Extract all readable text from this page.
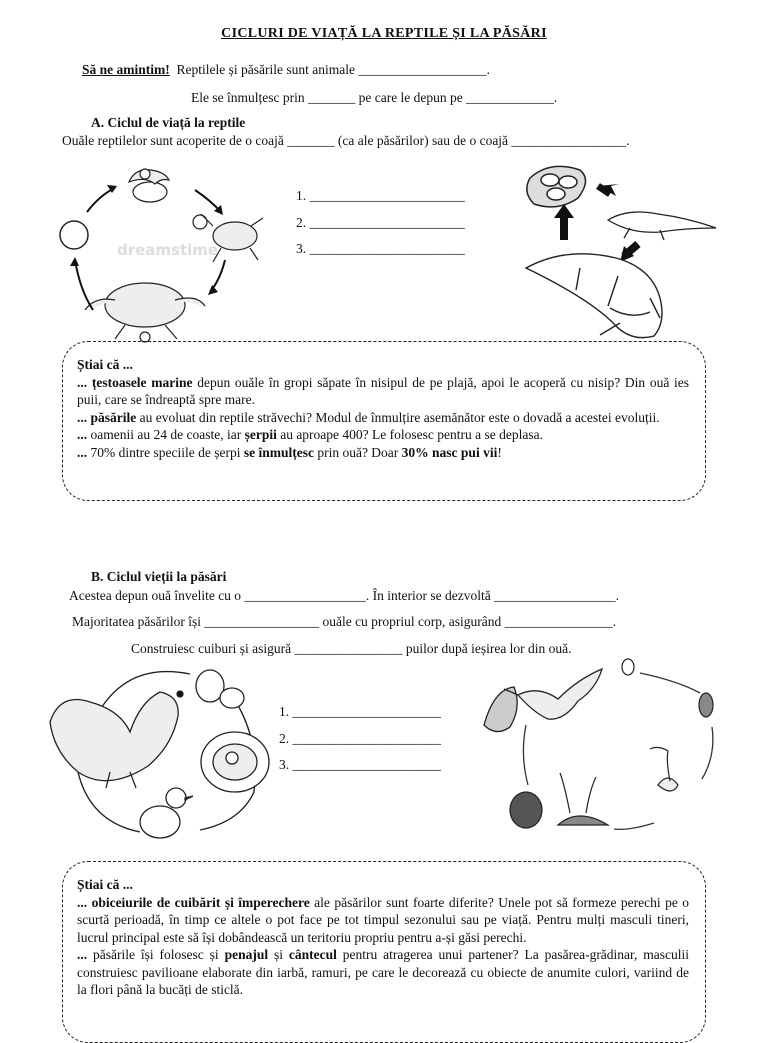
CICLURI DE VIAȚĂ LA REPTILE ȘI LA PĂSĂRI
Să ne amintim! Reptilele și păsările sunt animale ___________________.
Ele se înmulțesc prin _______ pe care le depun pe _____________.
A. Ciclul de viață la reptile
Ouăle reptilelor sunt acoperite de o coajă _______ (ca ale păsărilor) sau de o coajă _________________.
dreamstime
1. _______________________
2. _______________________
3. _______________________
Știai că ...
... țestoasele marine depun ouăle în gropi săpate în nisipul de pe plajă, apoi le acoperă cu nisip? Din ouă ies puii, care se îndreaptă spre mare.
... păsările au evoluat din reptile străvechi? Modul de înmulțire asemănător este o dovadă a acestei evoluții.
... oamenii au 24 de coaste, iar șerpii au aproape 400? Le folosesc pentru a se deplasa.
... 70% dintre speciile de șerpi se înmulțesc prin ouă? Doar 30% nasc pui vii!
B. Ciclul vieții la păsări
Acestea depun ouă învelite cu o __________________. În interior se dezvoltă __________________.
Majoritatea păsărilor își _________________ ouăle cu propriul corp, asigurând ________________.
Construiesc cuiburi și asigură ________________ puilor după ieșirea lor din ouă.
1. ______________________
2. ______________________
3. ______________________
Știai că ...
... obiceiurile de cuibărit și împerechere ale păsărilor sunt foarte diferite? Unele pot să formeze perechi pe o scurtă perioadă, în timp ce altele o pot face pe tot timpul sezonului sau pe viață. Pentru mulți masculi tineri, lucrul principal este să își dobândească un teritoriu propriu pentru a-și găsi perechi.
... păsările își folosesc și penajul și cântecul pentru atragerea unui partener? La pasărea-grădinar, masculii construiesc pavilioane elaborate din iarbă, ramuri, pe care le decorează cu obiecte de anumite culori, variind de la flori până la bucăți de sticlă.
